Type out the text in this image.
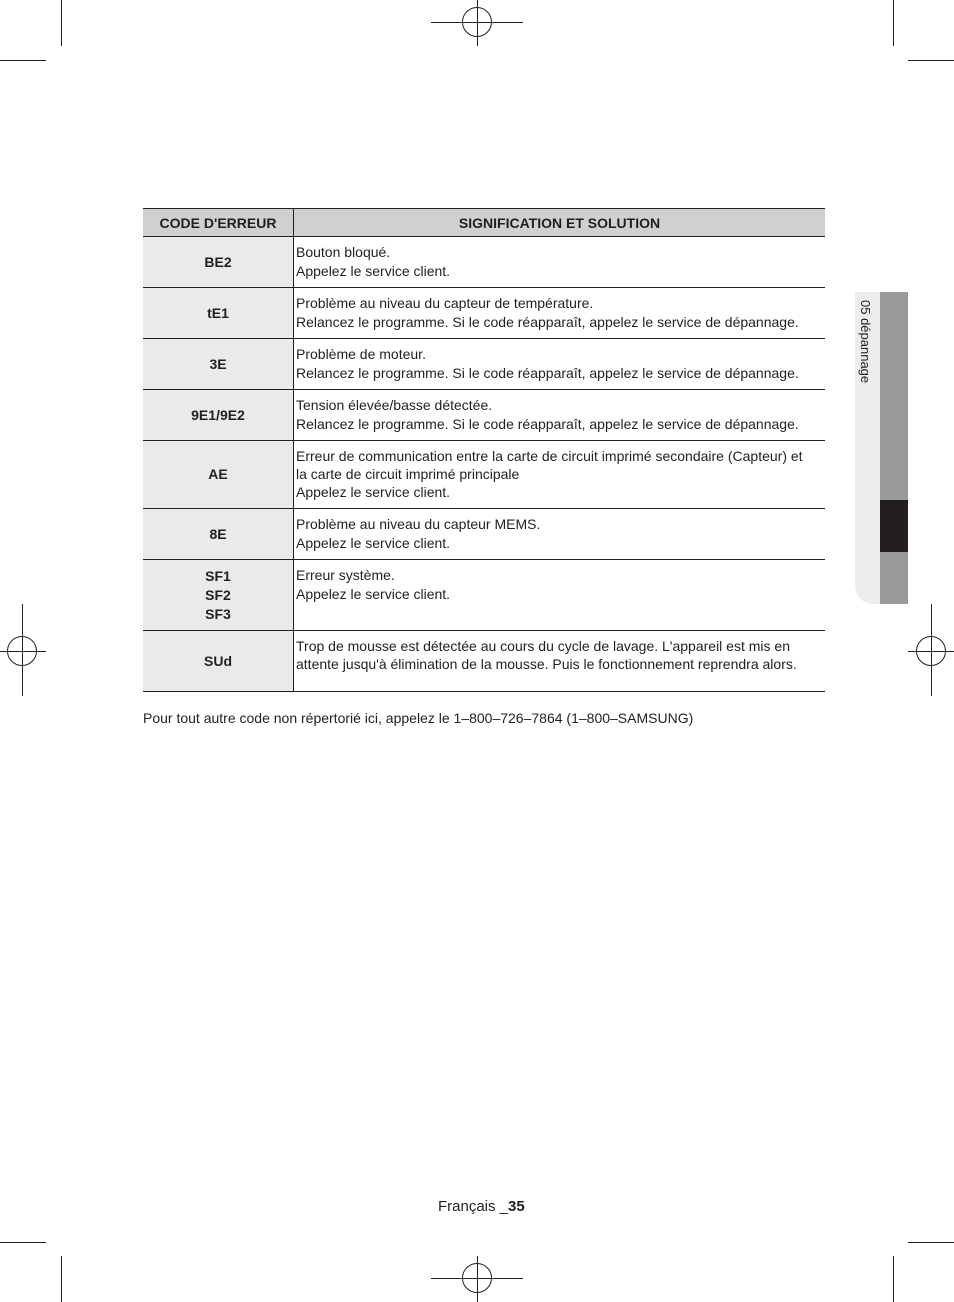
05 dépannage
CODE D'ERREUR	SIGNIFICATION ET SOLUTION

BE2	Bouton bloqué.
Appelez le service client.

tE1	Problème au niveau du capteur de température.
Relancez le programme. Si le code réapparaît, appelez le service de dépannage.

3E	Problème de moteur.
Relancez le programme. Si le code réapparaît, appelez le service de dépannage.

9E1/9E2	Tension élevée/basse détectée.
Relancez le programme. Si le code réapparaît, appelez le service de dépannage.

AE	Erreur de communication entre la carte de circuit imprimé secondaire (Capteur) et la carte de circuit imprimé principale
Appelez le service client.

8E	Problème au niveau du capteur MEMS.
Appelez le service client.

SF1
SF2
SF3	Erreur système.
Appelez le service client.

SUd	Trop de mousse est détectée au cours du cycle de lavage. L'appareil est mis en attente jusqu'à élimination de la mousse. Puis le fonctionnement reprendra alors.
Pour tout autre code non répertorié ici, appelez le 1–800–726–7864 (1–800–SAMSUNG)
Français _35
